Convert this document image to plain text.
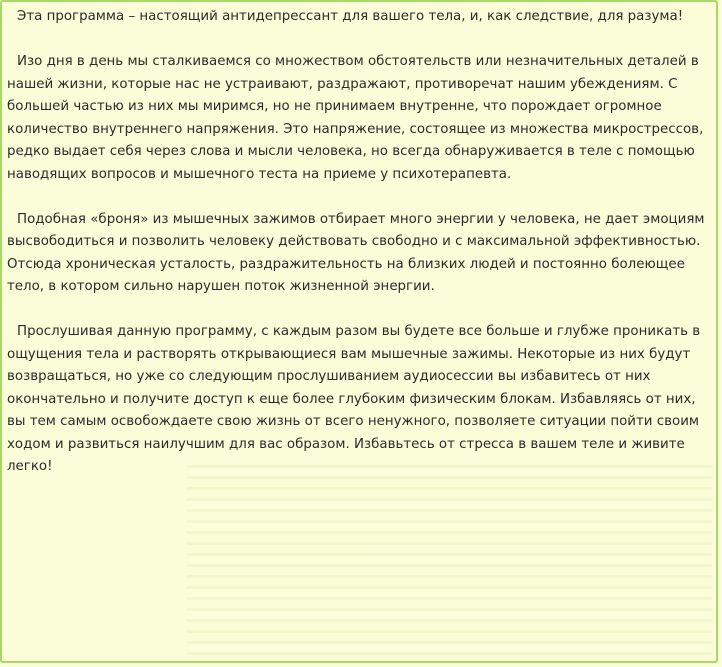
Эта программа – настоящий антидепрессант для вашего тела, и, как следствие, для разума!

Изо дня в день мы сталкиваемся со множеством обстоятельств или незначительных деталей в нашей жизни, которые нас не устраивают, раздражают, противоречат нашим убеждениям. С большей частью из них мы миримся, но не принимаем внутренне, что порождает огромное количество внутреннего напряжения. Это напряжение, состоящее из множества микрострессов, редко выдает себя через слова и мысли человека, но всегда обнаруживается в теле с помощью наводящих вопросов и мышечного теста на приеме у психотерапевта.

Подобная «броня» из мышечных зажимов отбирает много энергии у человека, не дает эмоциям высвободиться и позволить человеку действовать свободно и с максимальной эффективностью. Отсюда хроническая усталость, раздражительность на близких людей и постоянно болеющее тело, в котором сильно нарушен поток жизненной энергии.

Прослушивая данную программу, с каждым разом вы будете все больше и глубже проникать в ощущения тела и растворять открывающиеся вам мышечные зажимы. Некоторые из них будут возвращаться, но уже со следующим прослушиванием аудиосессии вы избавитесь от них окончательно и получите доступ к еще более глубоким физическим блокам. Избавляясь от них, вы тем самым освобождаете свою жизнь от всего ненужного, позволяете ситуации пойти своим ходом и развиться наилучшим для вас образом. Избавьтесь от стресса в вашем теле и живите легко!
